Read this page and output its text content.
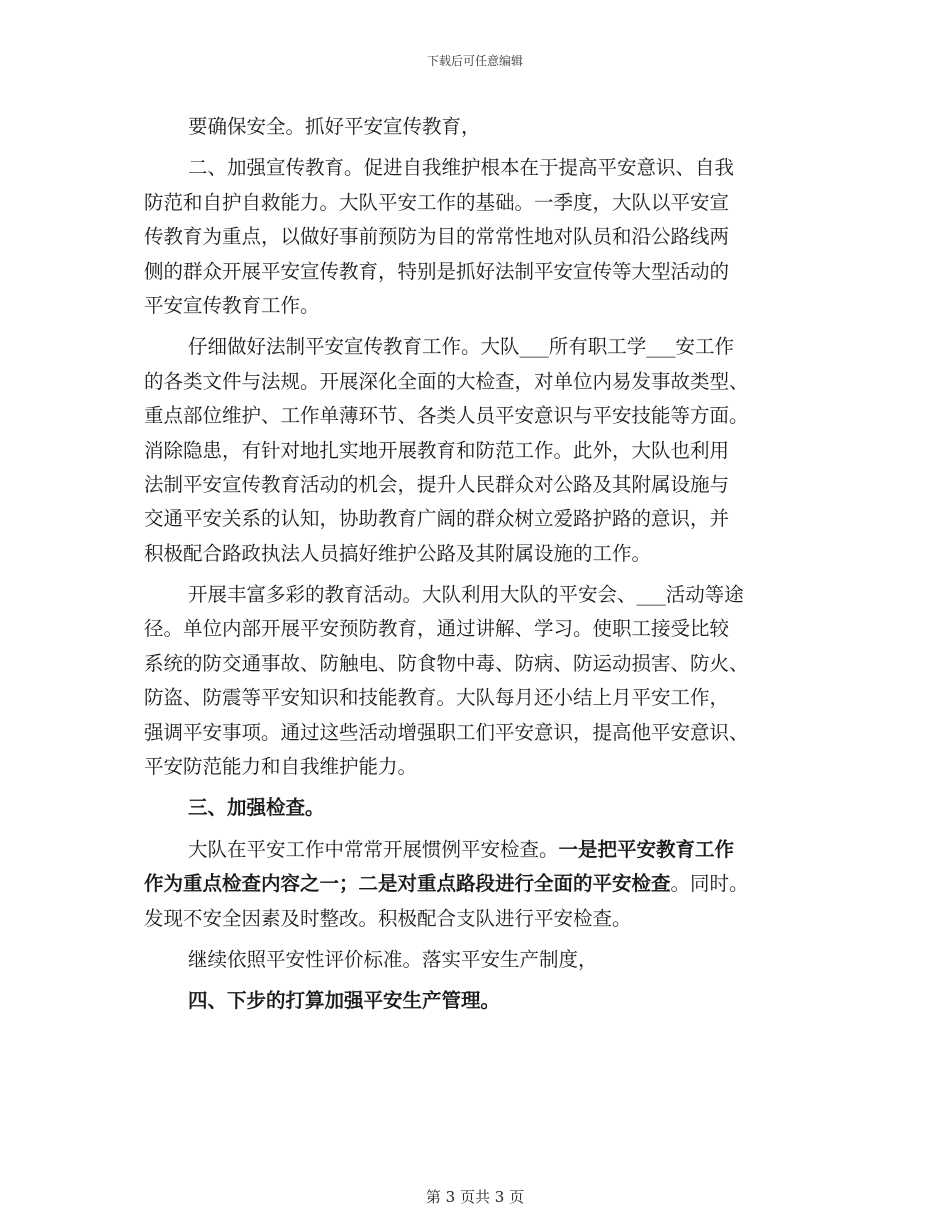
下载后可任意编辑
要确保安全。抓好平安宣传教育，
二、加强宣传教育。促进自我维护根本在于提高平安意识、自我
防范和自护自救能力。大队平安工作的基础。一季度，大队以平安宣
传教育为重点，以做好事前预防为目的常常性地对队员和沿公路线两
侧的群众开展平安宣传教育，特别是抓好法制平安宣传等大型活动的
平安宣传教育工作。
仔细做好法制平安宣传教育工作。大队___所有职工学___安工作
的各类文件与法规。开展深化全面的大检查，对单位内易发事故类型、
重点部位维护、工作单薄环节、各类人员平安意识与平安技能等方面。
消除隐患，有针对地扎实地开展教育和防范工作。此外，大队也利用
法制平安宣传教育活动的机会，提升人民群众对公路及其附属设施与
交通平安关系的认知，协助教育广阔的群众树立爱路护路的意识，并
积极配合路政执法人员搞好维护公路及其附属设施的工作。
开展丰富多彩的教育活动。大队利用大队的平安会、___活动等途
径。单位内部开展平安预防教育，通过讲解、学习。使职工接受比较
系统的防交通事故、防触电、防食物中毒、防病、防运动损害、防火、
防盗、防震等平安知识和技能教育。大队每月还小结上月平安工作，
强调平安事项。通过这些活动增强职工们平安意识，提高他平安意识、
平安防范能力和自我维护能力。
三、加强检查。
大队在平安工作中常常开展惯例平安检查。一是把平安教育工作
作为重点检查内容之一；二是对重点路段进行全面的平安检查。同时。
发现不安全因素及时整改。积极配合支队进行平安检查。
继续依照平安性评价标准。落实平安生产制度，
四、下步的打算加强平安生产管理。
第 3 页共 3 页
